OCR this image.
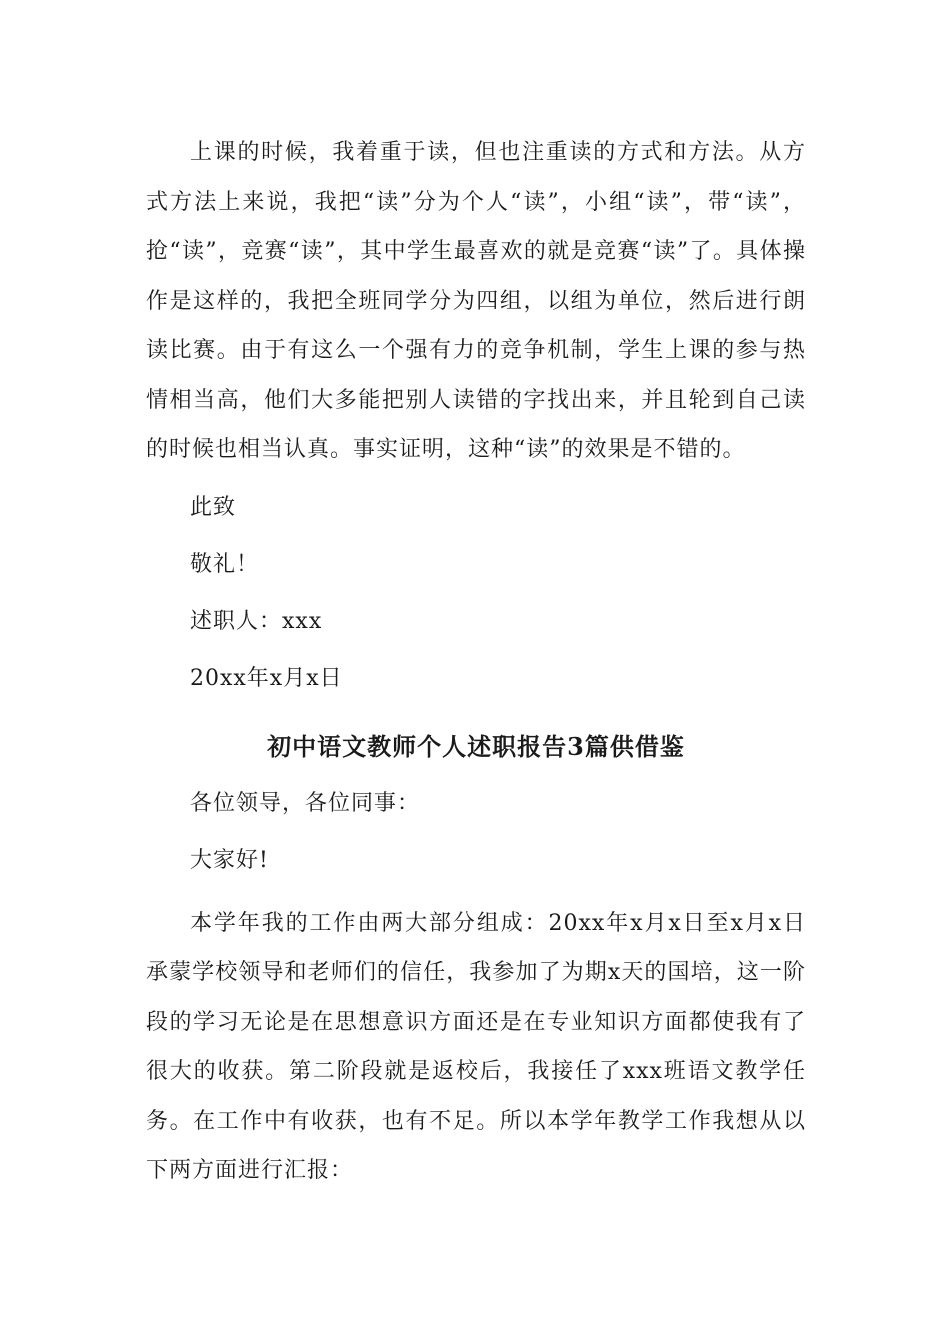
上课的时候，我着重于读，但也注重读的方式和方法。从方式方法上来说，我把“读”分为个人“读”，小组“读”，带“读”，抢“读”，竞赛“读”，其中学生最喜欢的就是竞赛“读”了。具体操作是这样的，我把全班同学分为四组，以组为单位，然后进行朗读比赛。由于有这么一个强有力的竞争机制，学生上课的参与热情相当高，他们大多能把别人读错的字找出来，并且轮到自己读的时候也相当认真。事实证明，这种“读”的效果是不错的。

此致

敬礼！

述职人：xxx

20xx年x月x日

初中语文教师个人述职报告3篇供借鉴

各位领导，各位同事：

大家好!

本学年我的工作由两大部分组成：20xx年x月x日至x月x日承蒙学校领导和老师们的信任，我参加了为期x天的国培，这一阶段的学习无论是在思想意识方面还是在专业知识方面都使我有了很大的收获。第二阶段就是返校后，我接任了xxx班语文教学任务。在工作中有收获，也有不足。所以本学年教学工作我想从以下两方面进行汇报：
